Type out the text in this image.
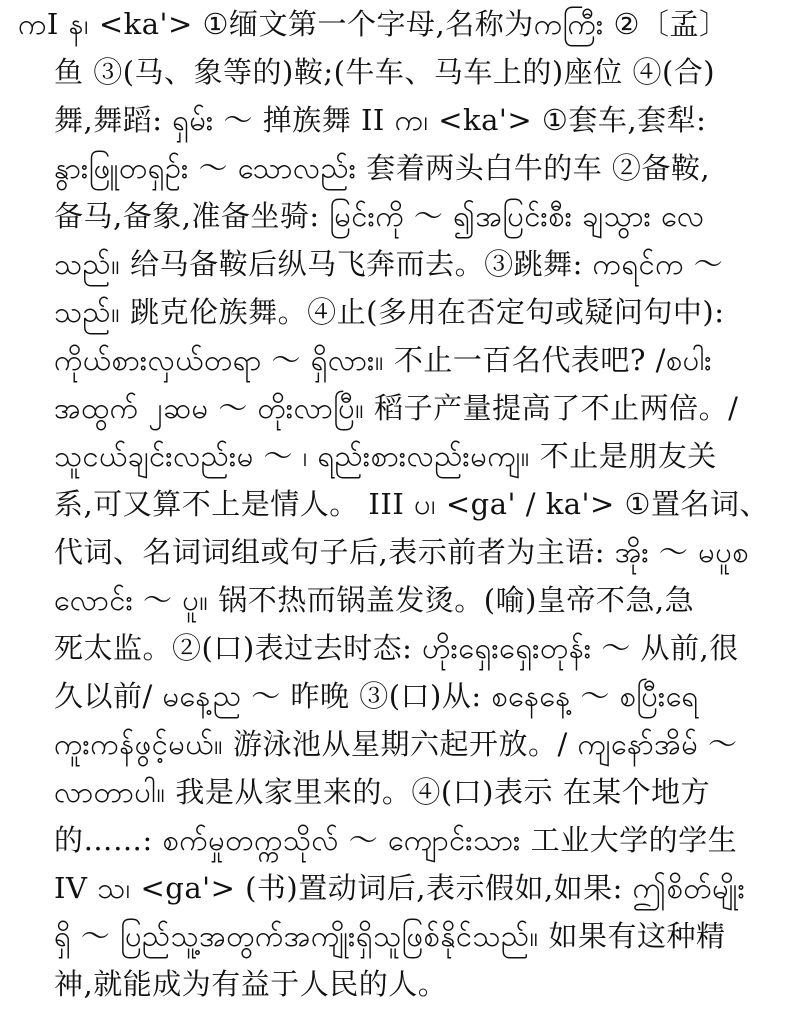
ကI န၊ <ka'> ①缅文第一个字母,名称为ကကြီး ②〔孟〕
鱼 ③(马、象等的)鞍;(牛车、马车上的)座位 ④(合)
舞,舞蹈: ရှမ်း ～ 掸族舞 II က၊ <ka'> ①套车,套犁:
နွားဖြူတရှဉ်း ～ သောလည်း 套着两头白牛的车 ②备鞍,
备马,备象,准备坐骑: မြင်းကို ～ ၍အပြင်းစီး ချသွား လေ
သည်။ 给马备鞍后纵马飞奔而去。③跳舞: ကရင်က ～
သည်။ 跳克伦族舞。④止(多用在否定句或疑问句中):
ကိုယ်စားလှယ်တရာ ～ ရှိလား။ 不止一百名代表吧? /စပါး
အထွက် ၂ဆမ ～ တိုးလာပြီ။ 稻子产量提高了不止两倍。/
သူငယ်ချင်းလည်းမ ～ ၊ ရည်းစားလည်းမကျ။ 不止是朋友关
系,可又算不上是情人。 III ပ၊ <ga' / ka'> ①置名词、
代词、名词词组或句子后,表示前者为主语: အိုး ～ မပူစ
လောင်း ～ ပူ။ 锅不热而锅盖发烫。(喻)皇帝不急,急
死太监。②(口)表过去时态: ဟိုးရှေးရှေးတုန်း ～ 从前,很
久以前/ မနေ့ည ～ 昨晚 ③(口)从: စနေနေ့ ～ စပြီးရေ
ကူးကန်ဖွင့်မယ်။ 游泳池从星期六起开放。/ ကျနော်အိမ် ～
လာတာပါ။ 我是从家里来的。④(口)表示 在某个地方
的……: စက်မှုတက္ကသိုလ် ～ ကျောင်းသား 工业大学的学生
IV သ၊ <ga'> (书)置动词后,表示假如,如果: ဤစိတ်မျိုး
ရှိ ～ ပြည်သူ့အတွက်အကျိုးရှိသူဖြစ်နိုင်သည်။ 如果有这种精
神,就能成为有益于人民的人。
